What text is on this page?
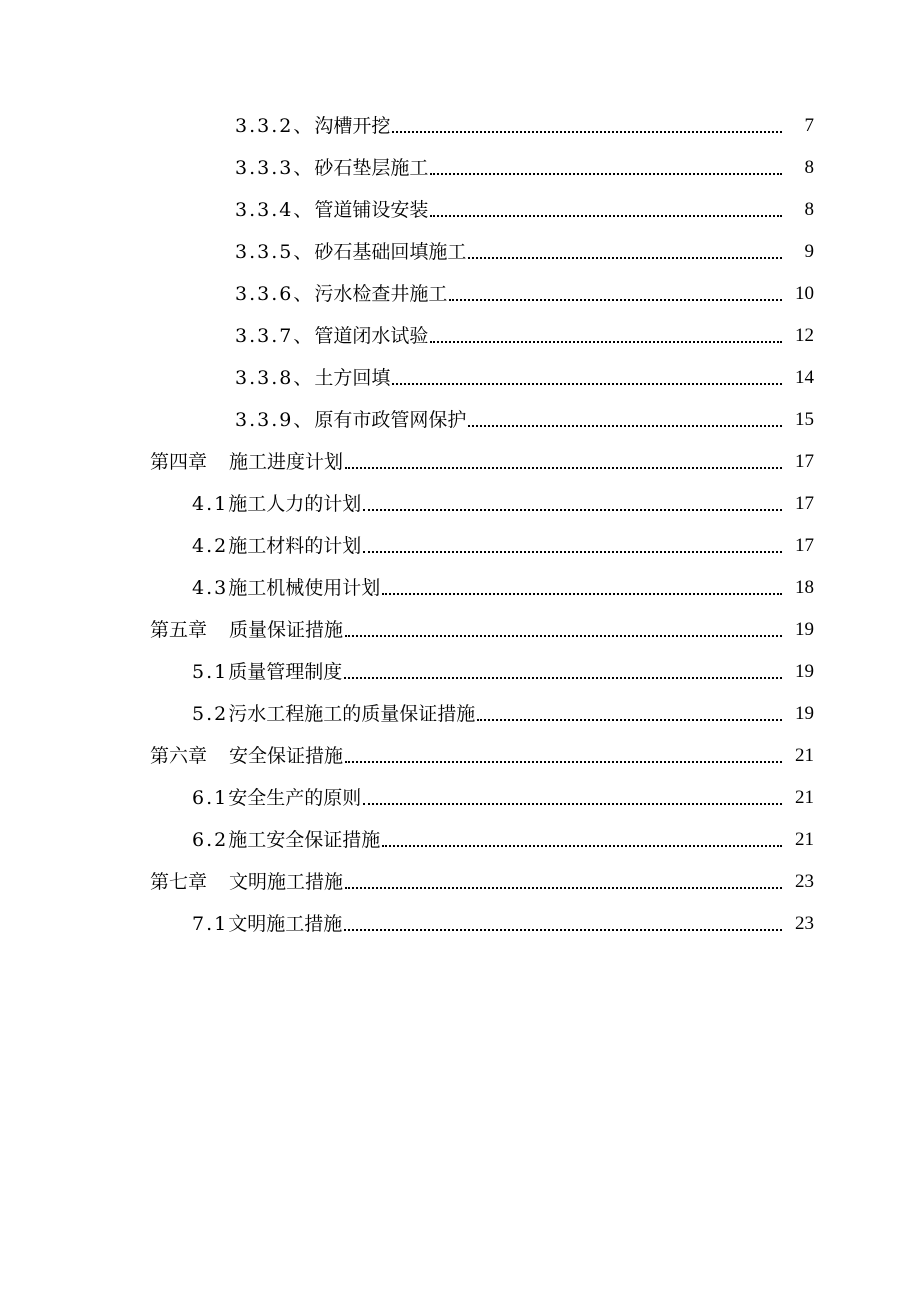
3.3.2、沟槽开挖	7
3.3.3、砂石垫层施工	8
3.3.4、管道铺设安装	8
3.3.5、砂石基础回填施工	9
3.3.6、污水检查井施工	10
3.3.7、管道闭水试验	12
3.3.8、土方回填	14
3.3.9、原有市政管网保护	15
第四章 施工进度计划	17
4.1施工人力的计划	17
4.2施工材料的计划	17
4.3施工机械使用计划	18
第五章 质量保证措施	19
5.1质量管理制度	19
5.2污水工程施工的质量保证措施	19
第六章 安全保证措施	21
6.1安全生产的原则	21
6.2施工安全保证措施	21
第七章 文明施工措施	23
7.1文明施工措施	23
